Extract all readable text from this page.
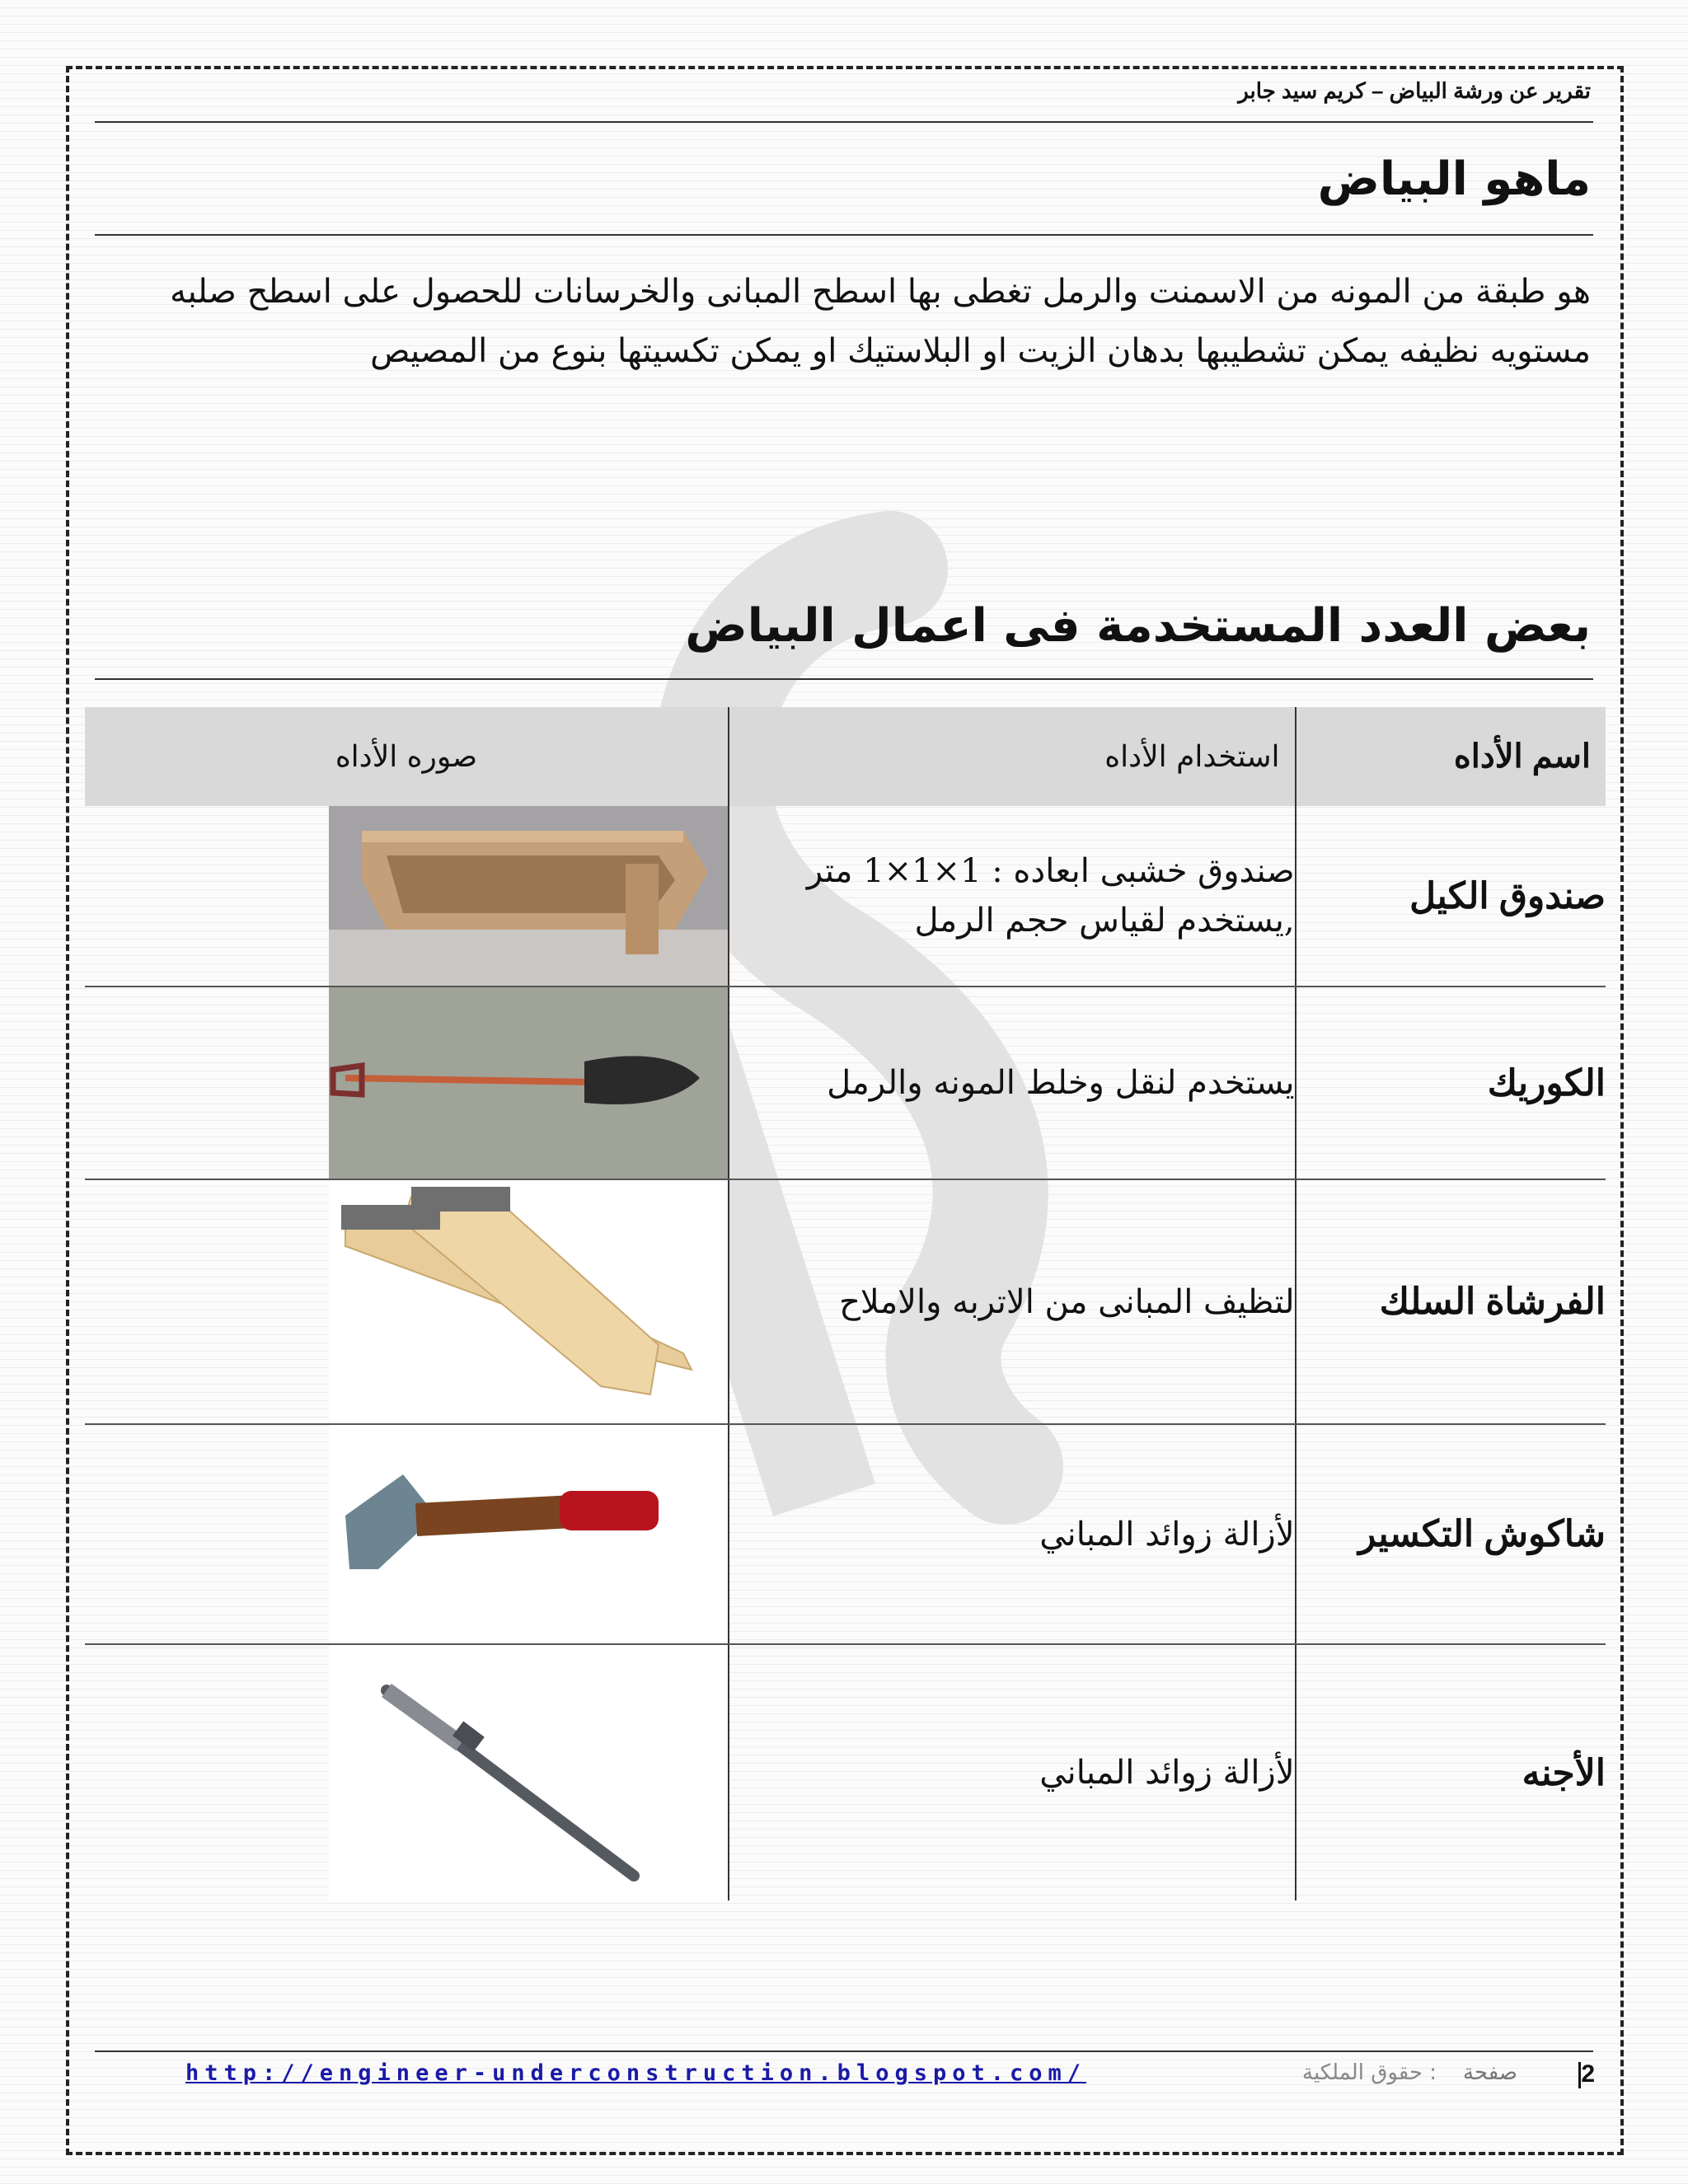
تقرير عن ورشة البياض – كريم سيد جابر
ماهو البياض
هو طبقة من المونه من الاسمنت والرمل تغطى بها اسطح المبانى والخرسانات للحصول على اسطح صلبه مستويه نظيفه يمكن تشطيبها بدهان الزيت او البلاستيك او يمكن تكسيتها بنوع من المصيص
بعض العدد المستخدمة فى اعمال البياض
اسم الأداه	استخدام الأداه	صوره الأداه
صندوق الكيل	صندوق خشبى ابعاده : 1×1×1 متر ,يستخدم لقياس حجم الرمل	

الكوريك	يستخدم لنقل وخلط المونه والرمل	

الفرشاة السلك	لتظيف المبانى من الاتربه والاملاح	

شاكوش التكسير	لأزالة زوائد المباني	

الأجنه	لأزالة زوائد المباني	
http://engineer-underconstruction.blogspot.com/	: حقوق الملكية صفحة	2
